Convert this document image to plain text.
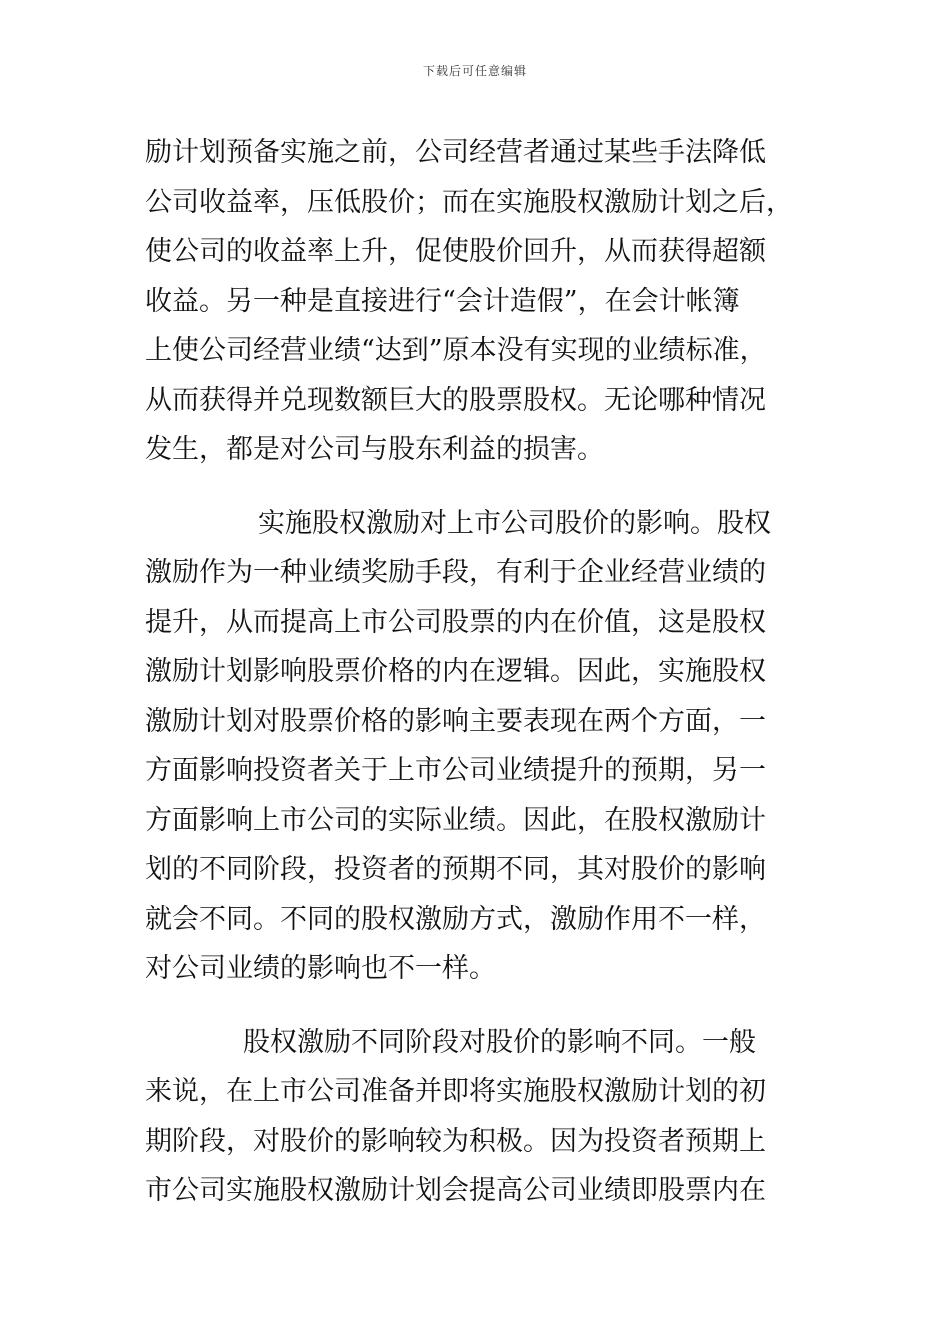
下载后可任意编辑
励计划预备实施之前，公司经营者通过某些手法降低
公司收益率，压低股价；而在实施股权激励计划之后，
使公司的收益率上升，促使股价回升，从而获得超额
收益。另一种是直接进行“会计造假”，在会计帐簿
上使公司经营业绩“达到”原本没有实现的业绩标准，
从而获得并兑现数额巨大的股票股权。无论哪种情况
发生，都是对公司与股东利益的损害。
实施股权激励对上市公司股价的影响。股权
激励作为一种业绩奖励手段，有利于企业经营业绩的
提升，从而提高上市公司股票的内在价值，这是股权
激励计划影响股票价格的内在逻辑。因此，实施股权
激励计划对股票价格的影响主要表现在两个方面，一
方面影响投资者关于上市公司业绩提升的预期，另一
方面影响上市公司的实际业绩。因此，在股权激励计
划的不同阶段，投资者的预期不同，其对股价的影响
就会不同。不同的股权激励方式，激励作用不一样，
对公司业绩的影响也不一样。
股权激励不同阶段对股价的影响不同。一般
来说，在上市公司准备并即将实施股权激励计划的初
期阶段，对股价的影响较为积极。因为投资者预期上
市公司实施股权激励计划会提高公司业绩即股票内在
